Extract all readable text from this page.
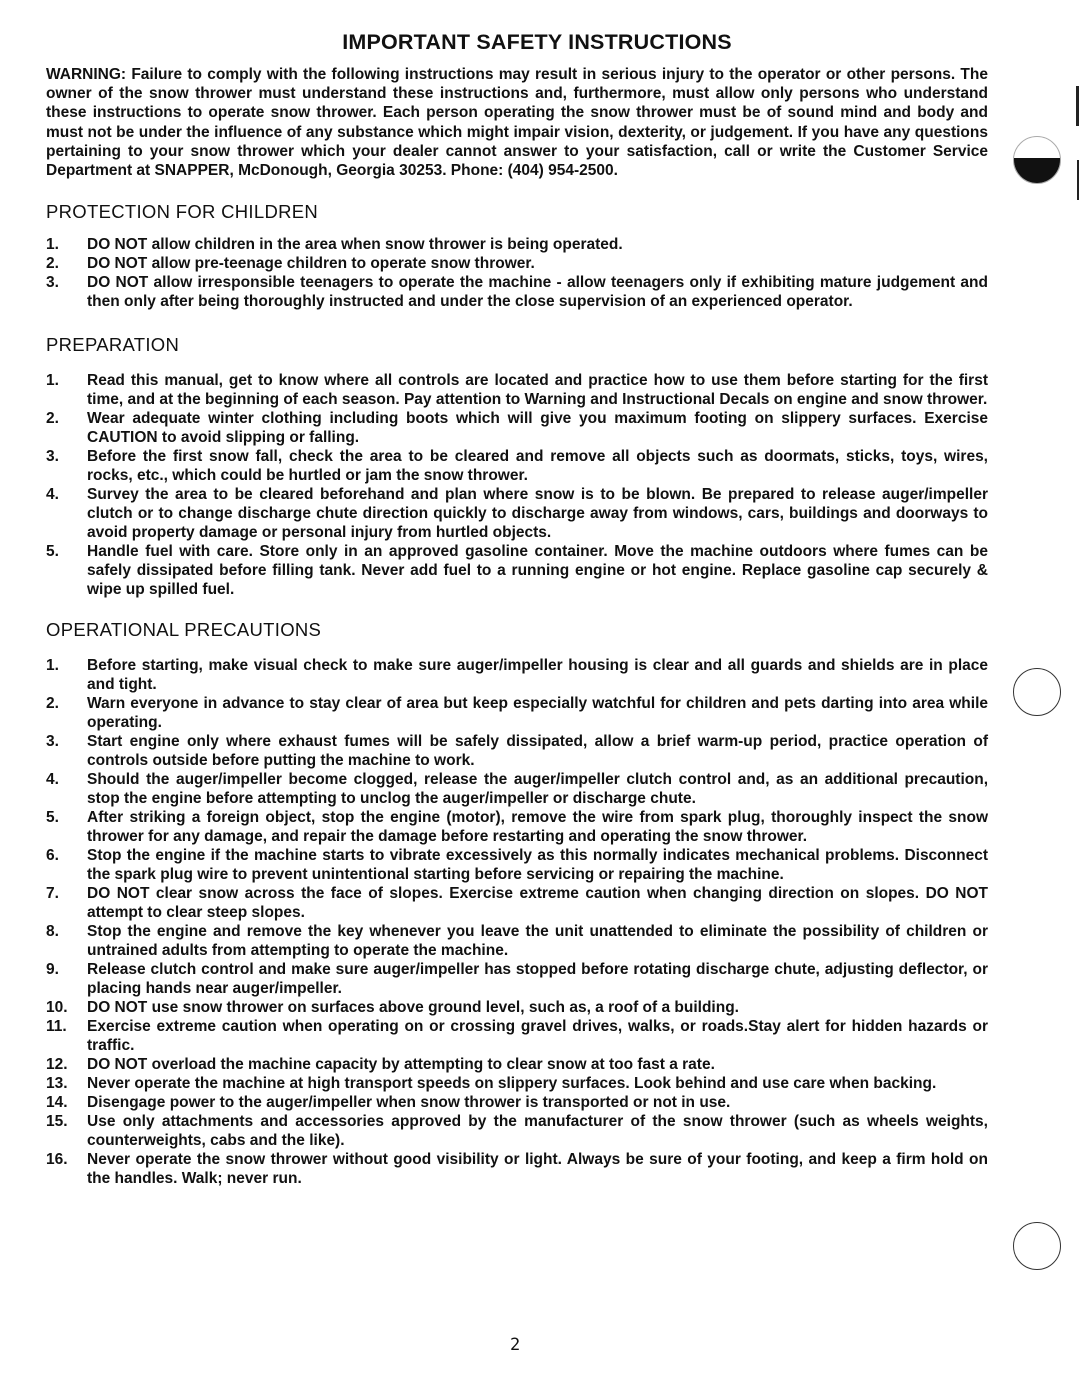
IMPORTANT SAFETY INSTRUCTIONS

WARNING: Failure to comply with the following instructions may result in serious injury to the operator or other persons. The owner of the snow thrower must understand these instructions and, furthermore, must allow only persons who understand these instructions to operate snow thrower. Each person operating the snow thrower must be of sound mind and body and must not be under the influence of any substance which might impair vision, dexterity, or judgement. If you have any questions pertaining to your snow thrower which your dealer cannot answer to your satisfaction, call or write the Customer Service Department at SNAPPER, McDonough, Georgia 30253. Phone: (404) 954-2500.

PROTECTION FOR CHILDREN
1.	DO NOT allow children in the area when snow thrower is being operated.
2.	DO NOT allow pre-teenage children to operate snow thrower.
3.	DO NOT allow irresponsible teenagers to operate the machine - allow teenagers only if exhibiting mature judgement and then only after being thoroughly instructed and under the close supervision of an experienced operator.
PREPARATION
1.	Read this manual, get to know where all controls are located and practice how to use them before starting for the first time, and at the beginning of each season. Pay attention to Warning and Instructional Decals on engine and snow thrower.
2.	Wear adequate winter clothing including boots which will give you maximum footing on slippery surfaces. Exercise CAUTION to avoid slipping or falling.
3.	Before the first snow fall, check the area to be cleared and remove all objects such as doormats, sticks, toys, wires, rocks, etc., which could be hurtled or jam the snow thrower.
4.	Survey the area to be cleared beforehand and plan where snow is to be blown. Be prepared to release auger/impeller clutch or to change discharge chute direction quickly to discharge away from windows, cars, buildings and doorways to avoid property damage or personal injury from hurtled objects.
5.	Handle fuel with care. Store only in an approved gasoline container. Move the machine outdoors where fumes can be safely dissipated before filling tank. Never add fuel to a running engine or hot engine. Replace gasoline cap securely & wipe up spilled fuel.
OPERATIONAL PRECAUTIONS
1.	Before starting, make visual check to make sure auger/impeller housing is clear and all guards and shields are in place and tight.
2.	Warn everyone in advance to stay clear of area but keep especially watchful for children and pets darting into area while operating.
3.	Start engine only where exhaust fumes will be safely dissipated, allow a brief warm-up period, practice operation of controls outside before putting the machine to work.
4.	Should the auger/impeller become clogged, release the auger/impeller clutch control and, as an additional precaution, stop the engine before attempting to unclog the auger/impeller or discharge chute.
5.	After striking a foreign object, stop the engine (motor), remove the wire from spark plug, thoroughly inspect the snow thrower for any damage, and repair the damage before restarting and operating the snow thrower.
6.	Stop the engine if the machine starts to vibrate excessively as this normally indicates mechanical problems. Disconnect the spark plug wire to prevent unintentional starting before servicing or repairing the machine.
7.	DO NOT clear snow across the face of slopes. Exercise extreme caution when changing direction on slopes. DO NOT attempt to clear steep slopes.
8.	Stop the engine and remove the key whenever you leave the unit unattended to eliminate the possibility of children or untrained adults from attempting to operate the machine.
9.	Release clutch control and make sure auger/impeller has stopped before rotating discharge chute, adjusting deflector, or placing hands near auger/impeller.
10.	DO NOT use snow thrower on surfaces above ground level, such as, a roof of a building.
11.	Exercise extreme caution when operating on or crossing gravel drives, walks, or roads.Stay alert for hidden hazards or traffic.
12.	DO NOT overload the machine capacity by attempting to clear snow at too fast a rate.
13.	Never operate the machine at high transport speeds on slippery surfaces. Look behind and use care when backing.
14.	Disengage power to the auger/impeller when snow thrower is transported or not in use.
15.	Use only attachments and accessories approved by the manufacturer of the snow thrower (such as wheels weights, counterweights, cabs and the like).
16.	Never operate the snow thrower without good visibility or light. Always be sure of your footing, and keep a firm hold on the handles. Walk; never run.
2
